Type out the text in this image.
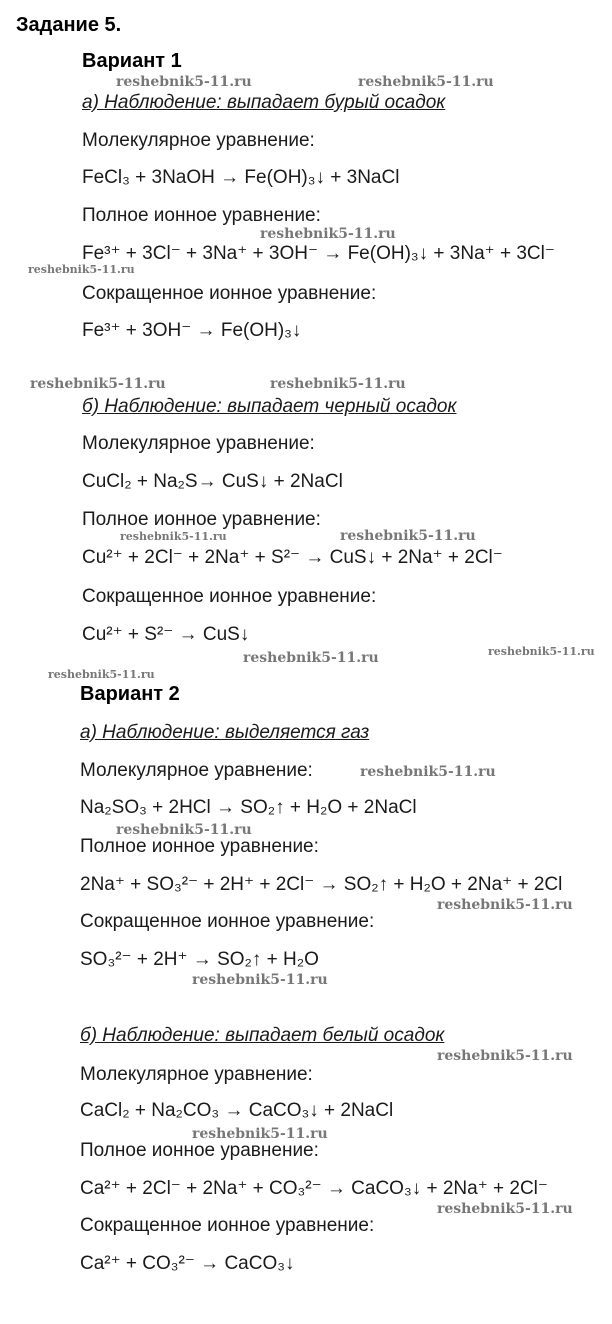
Задание 5.
Вариант 1
а) Наблюдение: выпадает бурый осадок
Молекулярное уравнение:
FeCl₃ + 3NaOH → Fe(OH)₃↓ + 3NaCl
Полное ионное уравнение:
Fe³⁺ + 3Cl⁻ + 3Na⁺ + 3OH⁻ → Fe(OH)₃↓ + 3Na⁺ + 3Cl⁻
Сокращенное ионное уравнение:
Fe³⁺ + 3OH⁻ → Fe(OH)₃↓
б) Наблюдение: выпадает черный осадок
Молекулярное уравнение:
CuCl₂ + Na₂S→ CuS↓ + 2NaCl
Полное ионное уравнение:
Cu²⁺ + 2Cl⁻ + 2Na⁺ + S²⁻ → CuS↓ + 2Na⁺ + 2Cl⁻
Сокращенное ионное уравнение:
Cu²⁺ + S²⁻ → CuS↓
Вариант 2
а) Наблюдение: выделяется газ
Молекулярное уравнение:
Na₂SO₃ + 2HCl → SO₂↑ + H₂O + 2NaCl
Полное ионное уравнение:
2Na⁺ + SO₃²⁻ + 2H⁺ + 2Cl⁻ → SO₂↑ + H₂O + 2Na⁺ + 2Cl
Сокращенное ионное уравнение:
SO₃²⁻ + 2H⁺ → SO₂↑ + H₂O
б) Наблюдение: выпадает белый осадок
Молекулярное уравнение:
CaCl₂ + Na₂CO₃ → CaCO₃↓ + 2NaCl
Полное ионное уравнение:
Ca²⁺ + 2Cl⁻ + 2Na⁺ + CO₃²⁻ → CaCO₃↓ + 2Na⁺ + 2Cl⁻
Сокращенное ионное уравнение:
Ca²⁺ + CO₃²⁻ → CaCO₃↓
reshebnik5-11.ru	reshebnik5-11.ru
reshebnik5-11.ru
reshebnik5-11.ru
reshebnik5-11.ru	reshebnik5-11.ru
reshebnik5-11.ru
reshebnik5-11.ru
reshebnik5-11.ru	reshebnik5-11.ru
reshebnik5-11.ru
reshebnik5-11.ru
reshebnik5-11.ru
reshebnik5-11.ru
reshebnik5-11.ru
reshebnik5-11.ru
reshebnik5-11.ru
reshebnik5-11.ru
